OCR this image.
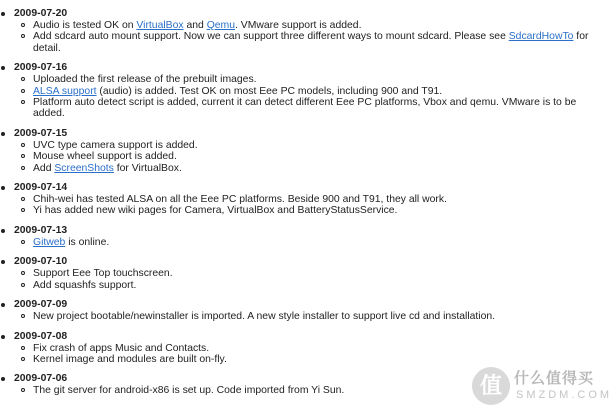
2009-07-20
Audio is tested OK on VirtualBox and Qemu. VMware support is added.
Add sdcard auto mount support. Now we can support three different ways to mount sdcard. Please see SdcardHowTo for detail.
2009-07-16
Uploaded the first release of the prebuilt images.
ALSA support (audio) is added. Test OK on most Eee PC models, including 900 and T91.
Platform auto detect script is added, current it can detect different Eee PC platforms, Vbox and qemu. VMware is to be added.
2009-07-15
UVC type camera support is added.
Mouse wheel support is added.
Add ScreenShots for VirtualBox.
2009-07-14
Chih-wei has tested ALSA on all the Eee PC platforms. Beside 900 and T91, they all work.
Yi has added new wiki pages for Camera, VirtualBox and BatteryStatusService.
2009-07-13
Gitweb is online.
2009-07-10
Support Eee Top touchscreen.
Add squashfs support.
2009-07-09
New project bootable/newinstaller is imported. A new style installer to support live cd and installation.
2009-07-08
Fix crash of apps Music and Contacts.
Kernel image and modules are built on-fly.
2009-07-06
The git server for android-x86 is set up. Code imported from Yi Sun.	值 什么值得买
SMZDM.COM
